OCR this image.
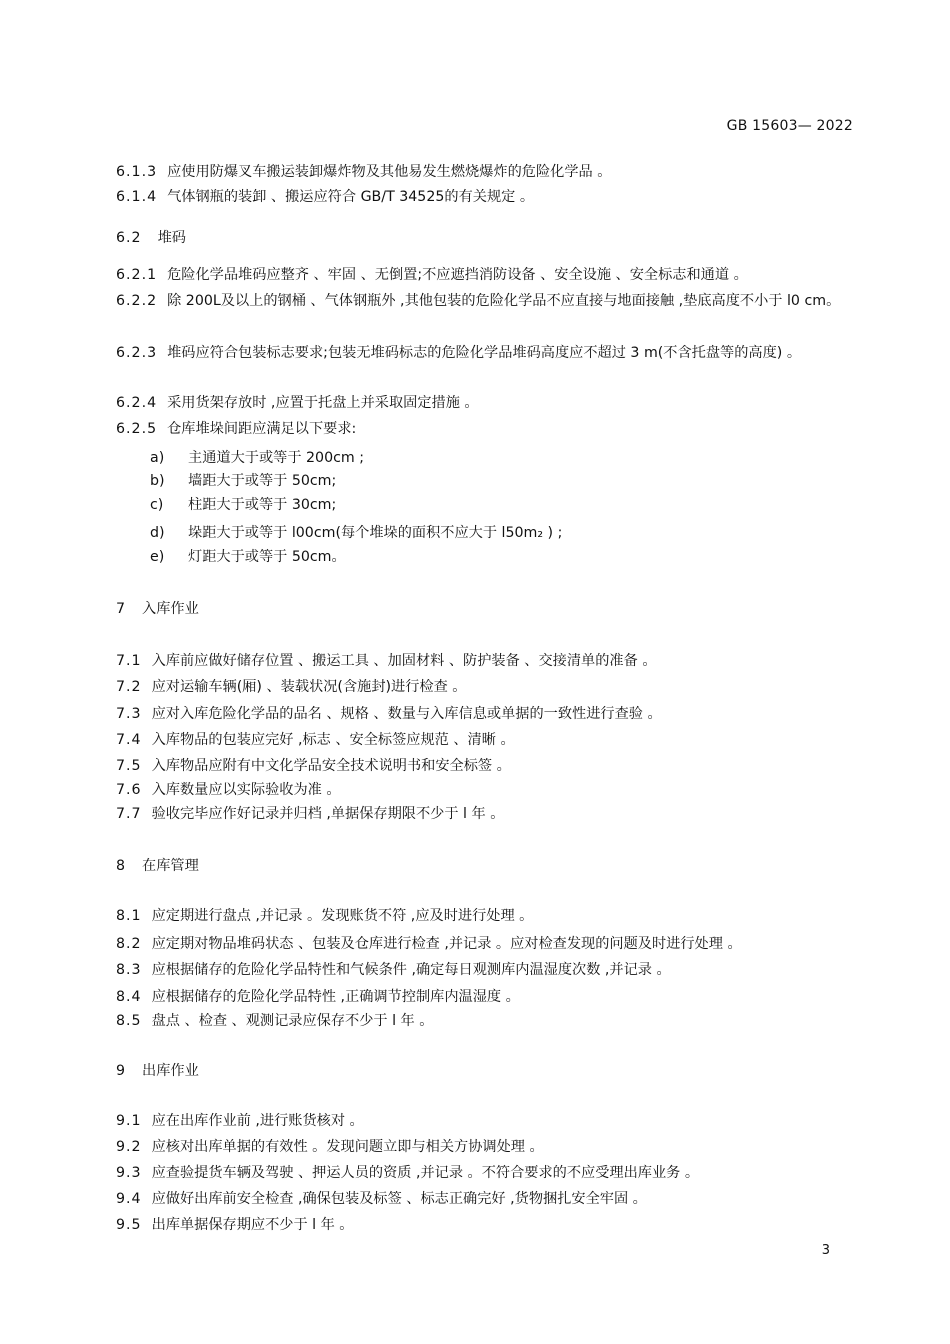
GB 15603— 2022
6.1.3 应使用防爆叉车搬运装卸爆炸物及其他易发生燃烧爆炸的危险化学品 。
6.1.4 气体钢瓶的装卸 、搬运应符合 GB/T 34525的有关规定 。
6.2 堆码
6.2.1 危险化学品堆码应整齐 、牢固 、无倒置;不应遮挡消防设备 、安全设施 、安全标志和通道 。
6.2.2 除 200L及以上的钢桶 、气体钢瓶外 ,其他包装的危险化学品不应直接与地面接触 ,垫底高度不小于 l0 cm。
6.2.3 堆码应符合包装标志要求;包装无堆码标志的危险化学品堆码高度应不超过 3 m(不含托盘等的高度) 。
6.2.4 采用货架存放时 ,应置于托盘上并采取固定措施 。
6.2.5 仓库堆垛间距应满足以下要求:
a) 主通道大于或等于 200cm ;
b) 墙距大于或等于 50cm;
c) 柱距大于或等于 30cm;
d) 垛距大于或等于 l00cm(每个堆垛的面积不应大于 l50m₂ ) ;
e) 灯距大于或等于 50cm。
7 入库作业
7.1 入库前应做好储存位置 、搬运工具 、加固材料 、防护装备 、交接清单的准备 。
7.2 应对运输车辆(厢) 、装载状况(含施封)进行检查 。
7.3 应对入库危险化学品的品名 、规格 、数量与入库信息或单据的一致性进行查验 。
7.4 入库物品的包装应完好 ,标志 、安全标签应规范 、清晰 。
7.5 入库物品应附有中文化学品安全技术说明书和安全标签 。
7.6 入库数量应以实际验收为准 。
7.7 验收完毕应作好记录并归档 ,单据保存期限不少于 l 年 。
8 在库管理
8.1 应定期进行盘点 ,并记录 。发现账货不符 ,应及时进行处理 。
8.2 应定期对物品堆码状态 、包装及仓库进行检查 ,并记录 。应对检查发现的问题及时进行处理 。
8.3 应根据储存的危险化学品特性和气候条件 ,确定每日观测库内温湿度次数 ,并记录 。
8.4 应根据储存的危险化学品特性 ,正确调节控制库内温湿度 。
8.5 盘点 、检查 、观测记录应保存不少于 l 年 。
9 出库作业
9.1 应在出库作业前 ,进行账货核对 。
9.2 应核对出库单据的有效性 。发现问题立即与相关方协调处理 。
9.3 应查验提货车辆及驾驶 、押运人员的资质 ,并记录 。不符合要求的不应受理出库业务 。
9.4 应做好出库前安全检查 ,确保包装及标签 、标志正确完好 ,货物捆扎安全牢固 。
9.5 出库单据保存期应不少于 l 年 。
3
